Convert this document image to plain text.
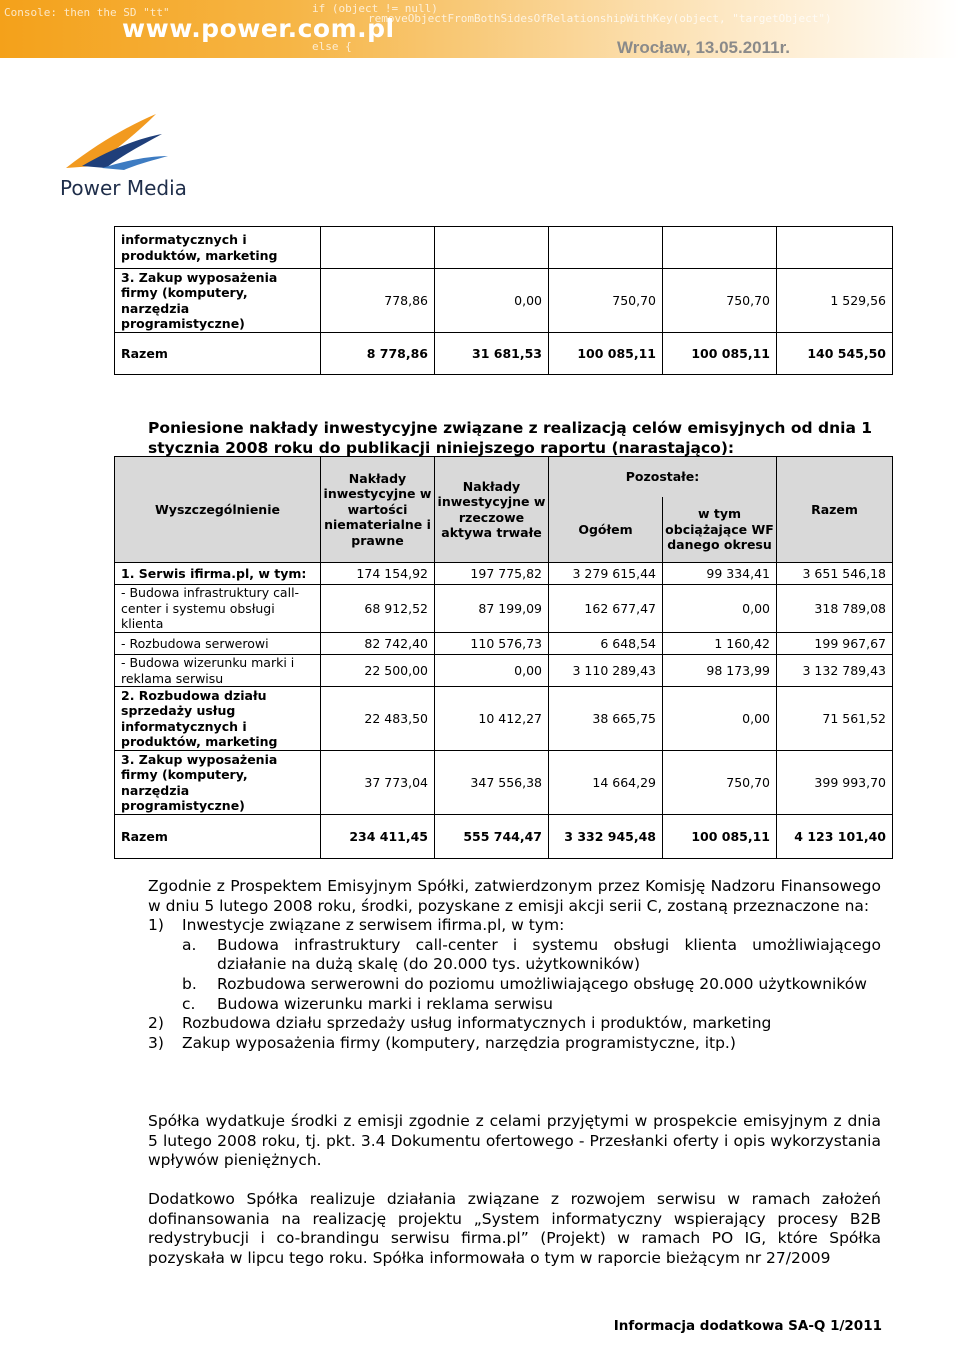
Console: then the SD "tt"	if (object != null)
removeObjectFromBothSidesOfRelationshipWithKey(object, "targetObject")
else {
www.power.com.pl
Wrocław, 13.05.2011r.
Power Media
informatycznych i produktów, marketing					
3. Zakup wyposażenia firmy (komputery, narzędzia programistyczne)	778,86	0,00	750,70	750,70	1 529,56
Razem	8 778,86	31 681,53	100 085,11	100 085,11	140 545,50
Poniesione nakłady inwestycyjne związane z realizacją celów emisyjnych od dnia 1 stycznia 2008 roku do publikacji niniejszego raportu (narastająco):
Wyszczególnienie	Nakłady inwestycyjne w wartości niematerialne i prawne	Nakłady inwestycyjne w rzeczowe aktywa trwałe	Pozostałe:		Razem
			Ogółem	w tym obciążające WF danego okresu	
1. Serwis ifirma.pl, w tym:	174 154,92	197 775,82	3 279 615,44	99 334,41	3 651 546,18
- Budowa infrastruktury call-center i systemu obsługi klienta	68 912,52	87 199,09	162 677,47	0,00	318 789,08
- Rozbudowa serwerowi	82 742,40	110 576,73	6 648,54	1 160,42	199 967,67
- Budowa wizerunku marki i reklama serwisu	22 500,00	0,00	3 110 289,43	98 173,99	3 132 789,43
2. Rozbudowa działu sprzedaży usług informatycznych i produktów, marketing	22 483,50	10 412,27	38 665,75	0,00	71 561,52
3. Zakup wyposażenia firmy (komputery, narzędzia programistyczne)	37 773,04	347 556,38	14 664,29	750,70	399 993,70
Razem	234 411,45	555 744,47	3 332 945,48	100 085,11	4 123 101,40

Zgodnie z Prospektem Emisyjnym Spółki, zatwierdzonym przez Komisję Nadzoru Finansowego w dniu 5 lutego 2008 roku, środki, pozyskane z emisji akcji serii C, zostaną przeznaczone na:

1) Inwestycje związane z serwisem ifirma.pl, w tym:
a. Budowa infrastruktury call-center i systemu obsługi klienta umożliwiającego działanie na dużą skalę (do 20.000 tys. użytkowników)

b. Rozbudowa serwerowni do poziomu umożliwiającego obsługę 20.000 użytkowników

c. Budowa wizerunku marki i reklama serwisu
2) Rozbudowa działu sprzedaży usług informatycznych i produktów, marketing
3) Zakup wyposażenia firmy (komputery, narzędzia programistyczne, itp.)

Spółka wydatkuje środki z emisji zgodnie z celami przyjętymi w prospekcie emisyjnym z dnia 5 lutego 2008 roku, tj. pkt. 3.4 Dokumentu ofertowego - Przesłanki oferty i opis wykorzystania wpływów pieniężnych.

Dodatkowo Spółka realizuje działania związane z rozwojem serwisu w ramach założeń dofinansowania na realizację projektu „System informatyczny wspierający procesy B2B redystrybucji i co-brandingu serwisu firma.pl” (Projekt) w ramach PO IG, które Spółka pozyskała w lipcu tego roku. Spółka informowała o tym w raporcie bieżącym nr 27/2009

Informacja dodatkowa SA-Q 1/2011
